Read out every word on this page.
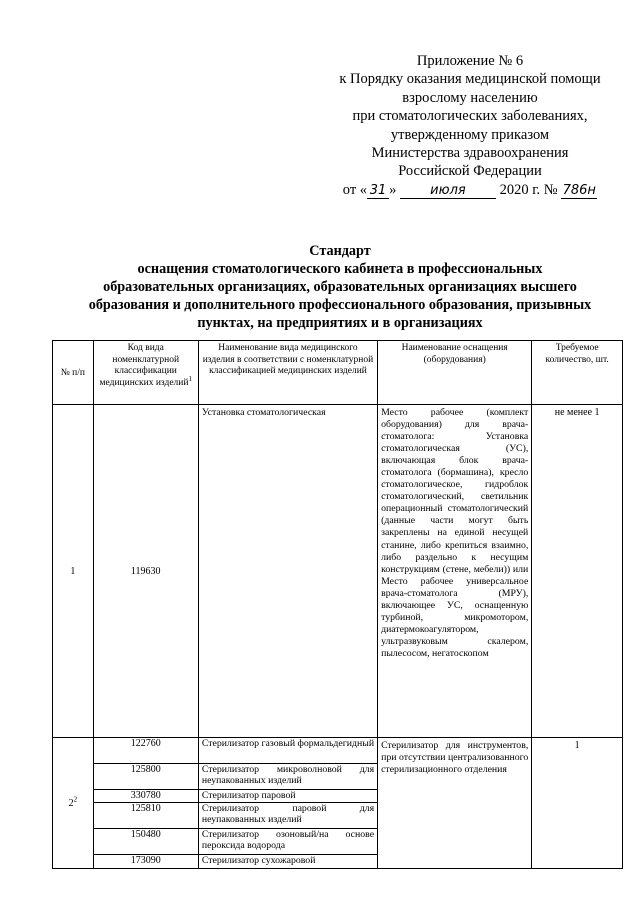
Приложение № 6
к Порядку оказания медицинской помощи
взрослому населению
при стоматологических заболеваниях,
утвержденному приказом
Министерства здравоохранения
Российской Федерации
от « 31 »	июля 2020 г. № 786н
Стандарт
оснащения стоматологического кабинета в профессиональных
образовательных организациях, образовательных организациях высшего
образования и дополнительного профессионального образования, призывных
пунктах, на предприятиях и в организациях
№ п/п	Код вида номенклатурной классификации медицинских изделий$^1$	Наименование вида медицинского изделия в соответствии с номенклатурной классификацией медицинских изделий	Наименование оснащения (оборудования)	Требуемое количество, шт.
1	119630	Установка стоматологическая	Место рабочее (комплект оборудования) для врача-стоматолога: Установка стоматологическая (УС), включающая блок врача-стоматолога (бормашина), кресло стоматологическое, гидроблок стоматологический, светильник операционный стоматологический (данные части могут быть закреплены на единой несущей станине, либо крепиться взаимно, либо раздельно к несущим конструкциям (стене, мебели)) или Место рабочее универсальное врача-стоматолога (МРУ), включающее УС, оснащенную турбиной, микромотором, диатермокоагулятором, ультразвуковым скалером, пылесосом, негатоскопом	не менее 1
$2^2$	122760	Стерилизатор газовый формальдегидный	Стерилизатор для инструментов, при отсутствии централизованного стерилизационного отделения	1
	125800	Стерилизатор микроволновой для неупакованных изделий		
	330780	Стерилизатор паровой		
	125810	Стерилизатор паровой для неупакованных изделий		
	150480	Стерилизатор озоновый/на основе пероксида водорода		
	173090	Стерилизатор сухожаровой		
